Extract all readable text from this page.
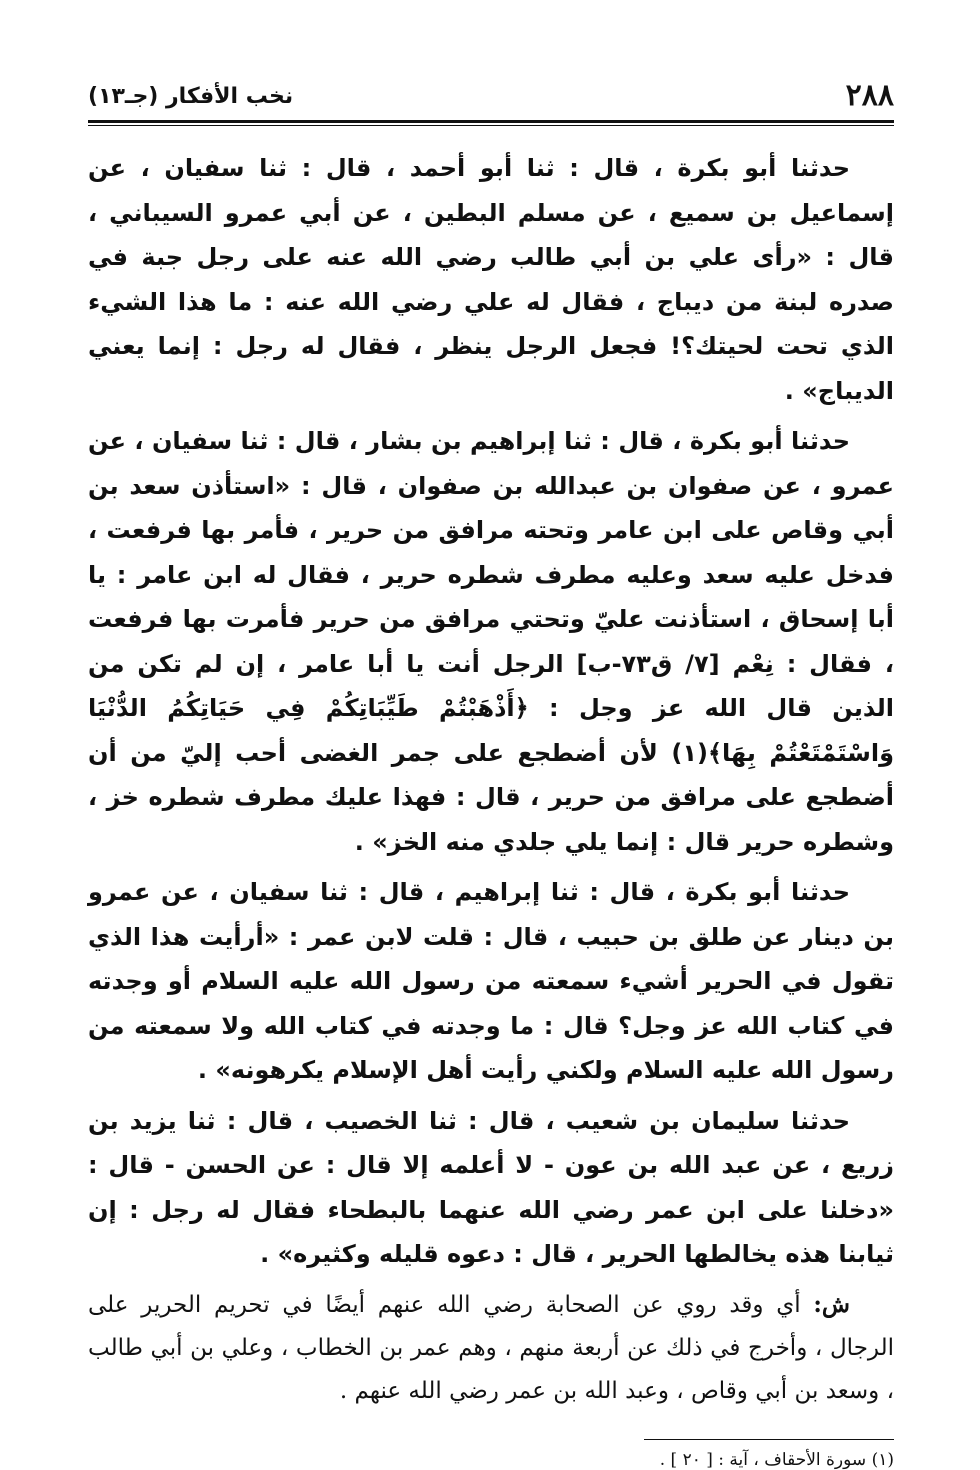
٢٨٨
نخب الأفكار (جـ١٣)

حدثنا أبو بكرة ، قال : ثنا أبو أحمد ، قال : ثنا سفيان ، عن إسماعيل بن سميع ، عن مسلم البطين ، عن أبي عمرو السيباني ، قال : «رأى علي بن أبي طالب رضي الله عنه على رجل جبة في صدره لبنة من ديباج ، فقال له علي رضي الله عنه : ما هذا الشيء الذي تحت لحيتك؟! فجعل الرجل ينظر ، فقال له رجل : إنما يعني الديباج» .

حدثنا أبو بكرة ، قال : ثنا إبراهيم بن بشار ، قال : ثنا سفيان ، عن عمرو ، عن صفوان بن عبدالله بن صفوان ، قال : «استأذن سعد بن أبي وقاص على ابن عامر وتحته مرافق من حرير ، فأمر بها فرفعت ، فدخل عليه سعد وعليه مطرف شطره حرير ، فقال له ابن عامر : يا أبا إسحاق ، استأذنت عليّ وتحتي مرافق من حرير فأمرت بها فرفعت ، فقال : نِعْم [٧/ ق٧٣-ب] الرجل أنت يا أبا عامر ، إن لم تكن من الذين قال الله عز وجل : ﴿أَذْهَبْتُمْ طَيِّبَاتِكُمْ فِي حَيَاتِكُمُ الدُّنْيَا وَاسْتَمْتَعْتُمْ بِهَا﴾(١) لأن أضطجع على جمر الغضى أحب إليّ من أن أضطجع على مرافق من حرير ، قال : فهذا عليك مطرف شطره خز ، وشطره حرير قال : إنما يلي جلدي منه الخز» .

حدثنا أبو بكرة ، قال : ثنا إبراهيم ، قال : ثنا سفيان ، عن عمرو بن دينار عن طلق بن حبيب ، قال : قلت لابن عمر : «أرأيت هذا الذي تقول في الحرير أشيء سمعته من رسول الله عليه السلام أو وجدته في كتاب الله عز وجل؟ قال : ما وجدته في كتاب الله ولا سمعته من رسول الله عليه السلام ولكني رأيت أهل الإسلام يكرهونه» .

حدثنا سليمان بن شعيب ، قال : ثنا الخصيب ، قال : ثنا يزيد بن زريع ، عن عبد الله بن عون - لا أعلمه إلا قال : عن الحسن - قال : «دخلنا على ابن عمر رضي الله عنهما بالبطحاء فقال له رجل : إن ثيابنا هذه يخالطها الحرير ، قال : دعوه قليله وكثيره» .

ش: أي وقد روي عن الصحابة رضي الله عنهم أيضًا في تحريم الحرير على الرجال ، وأخرج في ذلك عن أربعة منهم ، وهم عمر بن الخطاب ، وعلي بن أبي طالب ، وسعد بن أبي وقاص ، وعبد الله بن عمر رضي الله عنهم .

(١) سورة الأحقاف ، آية : [ ٢٠ ] .
